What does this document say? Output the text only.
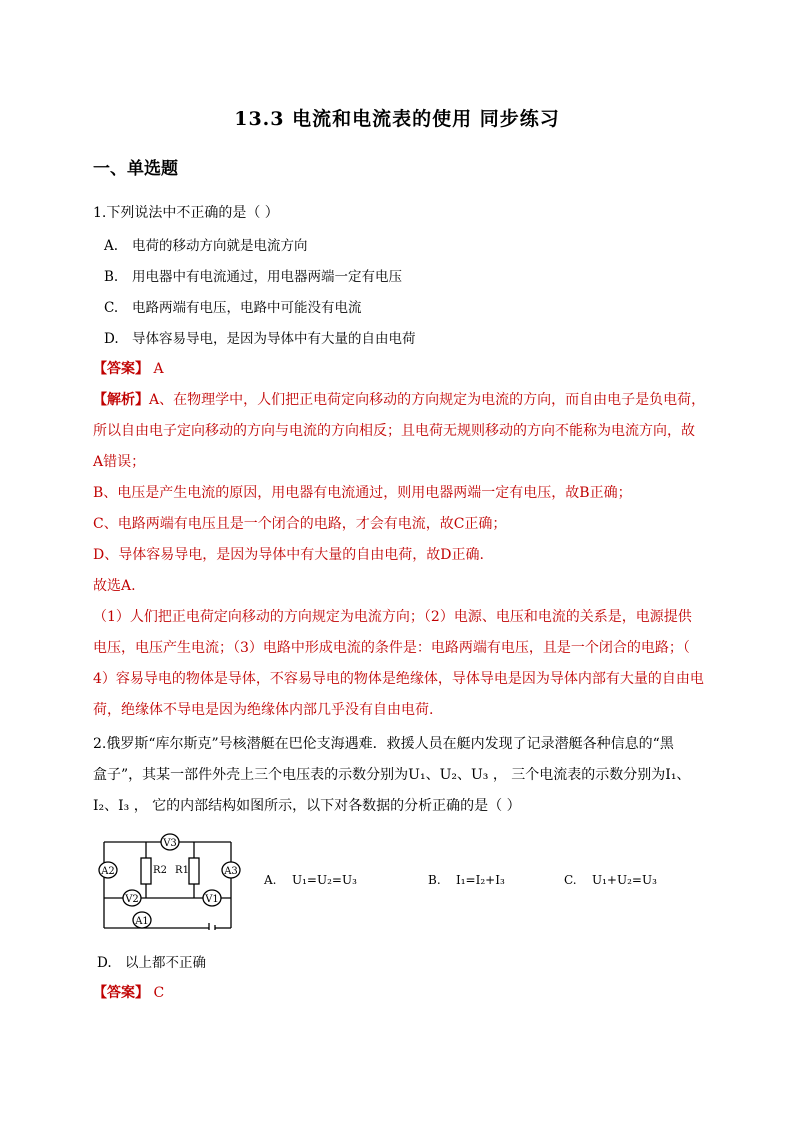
13.3 电流和电流表的使用 同步练习
一、单选题
1.下列说法中不正确的是（ ）
A. 电荷的移动方向就是电流方向
B. 用电器中有电流通过，用电器两端一定有电压
C. 电路两端有电压，电路中可能没有电流
D. 导体容易导电，是因为导体中有大量的自由电荷
【答案】 A
【解析】A、在物理学中，人们把正电荷定向移动的方向规定为电流的方向，而自由电子是负电荷，
所以自由电子定向移动的方向与电流的方向相反；且电荷无规则移动的方向不能称为电流方向，故
A错误；
B、电压是产生电流的原因，用电器有电流通过，则用电器两端一定有电压，故B正确；
C、电路两端有电压且是一个闭合的电路，才会有电流，故C正确；
D、导体容易导电，是因为导体中有大量的自由电荷，故D正确.
故选A.
（1）人们把正电荷定向移动的方向规定为电流方向；（2）电源、电压和电流的关系是，电源提供
电压，电压产生电流；（3）电路中形成电流的条件是：电路两端有电压，且是一个闭合的电路；（
4）容易导电的物体是导体，不容易导电的物体是绝缘体，导体导电是因为导体内部有大量的自由电
荷，绝缘体不导电是因为绝缘体内部几乎没有自由电荷.
2.俄罗斯“库尔斯克”号核潜艇在巴伦支海遇难．救援人员在艇内发现了记录潜艇各种信息的“黑
盒子”，其某一部件外壳上三个电压表的示数分别为U₁、U₂、U₃ ， 三个电流表的示数分别为I₁、
I₂、I₃ ， 它的内部结构如图所示，以下对各数据的分析正确的是（ ）
V3
A2	A3
V2	V1
A1
R2 R1
A. U₁=U₂=U₃	B. I₁=I₂+I₃	C. U₁+U₂=U₃
D. 以上都不正确
【答案】 C
